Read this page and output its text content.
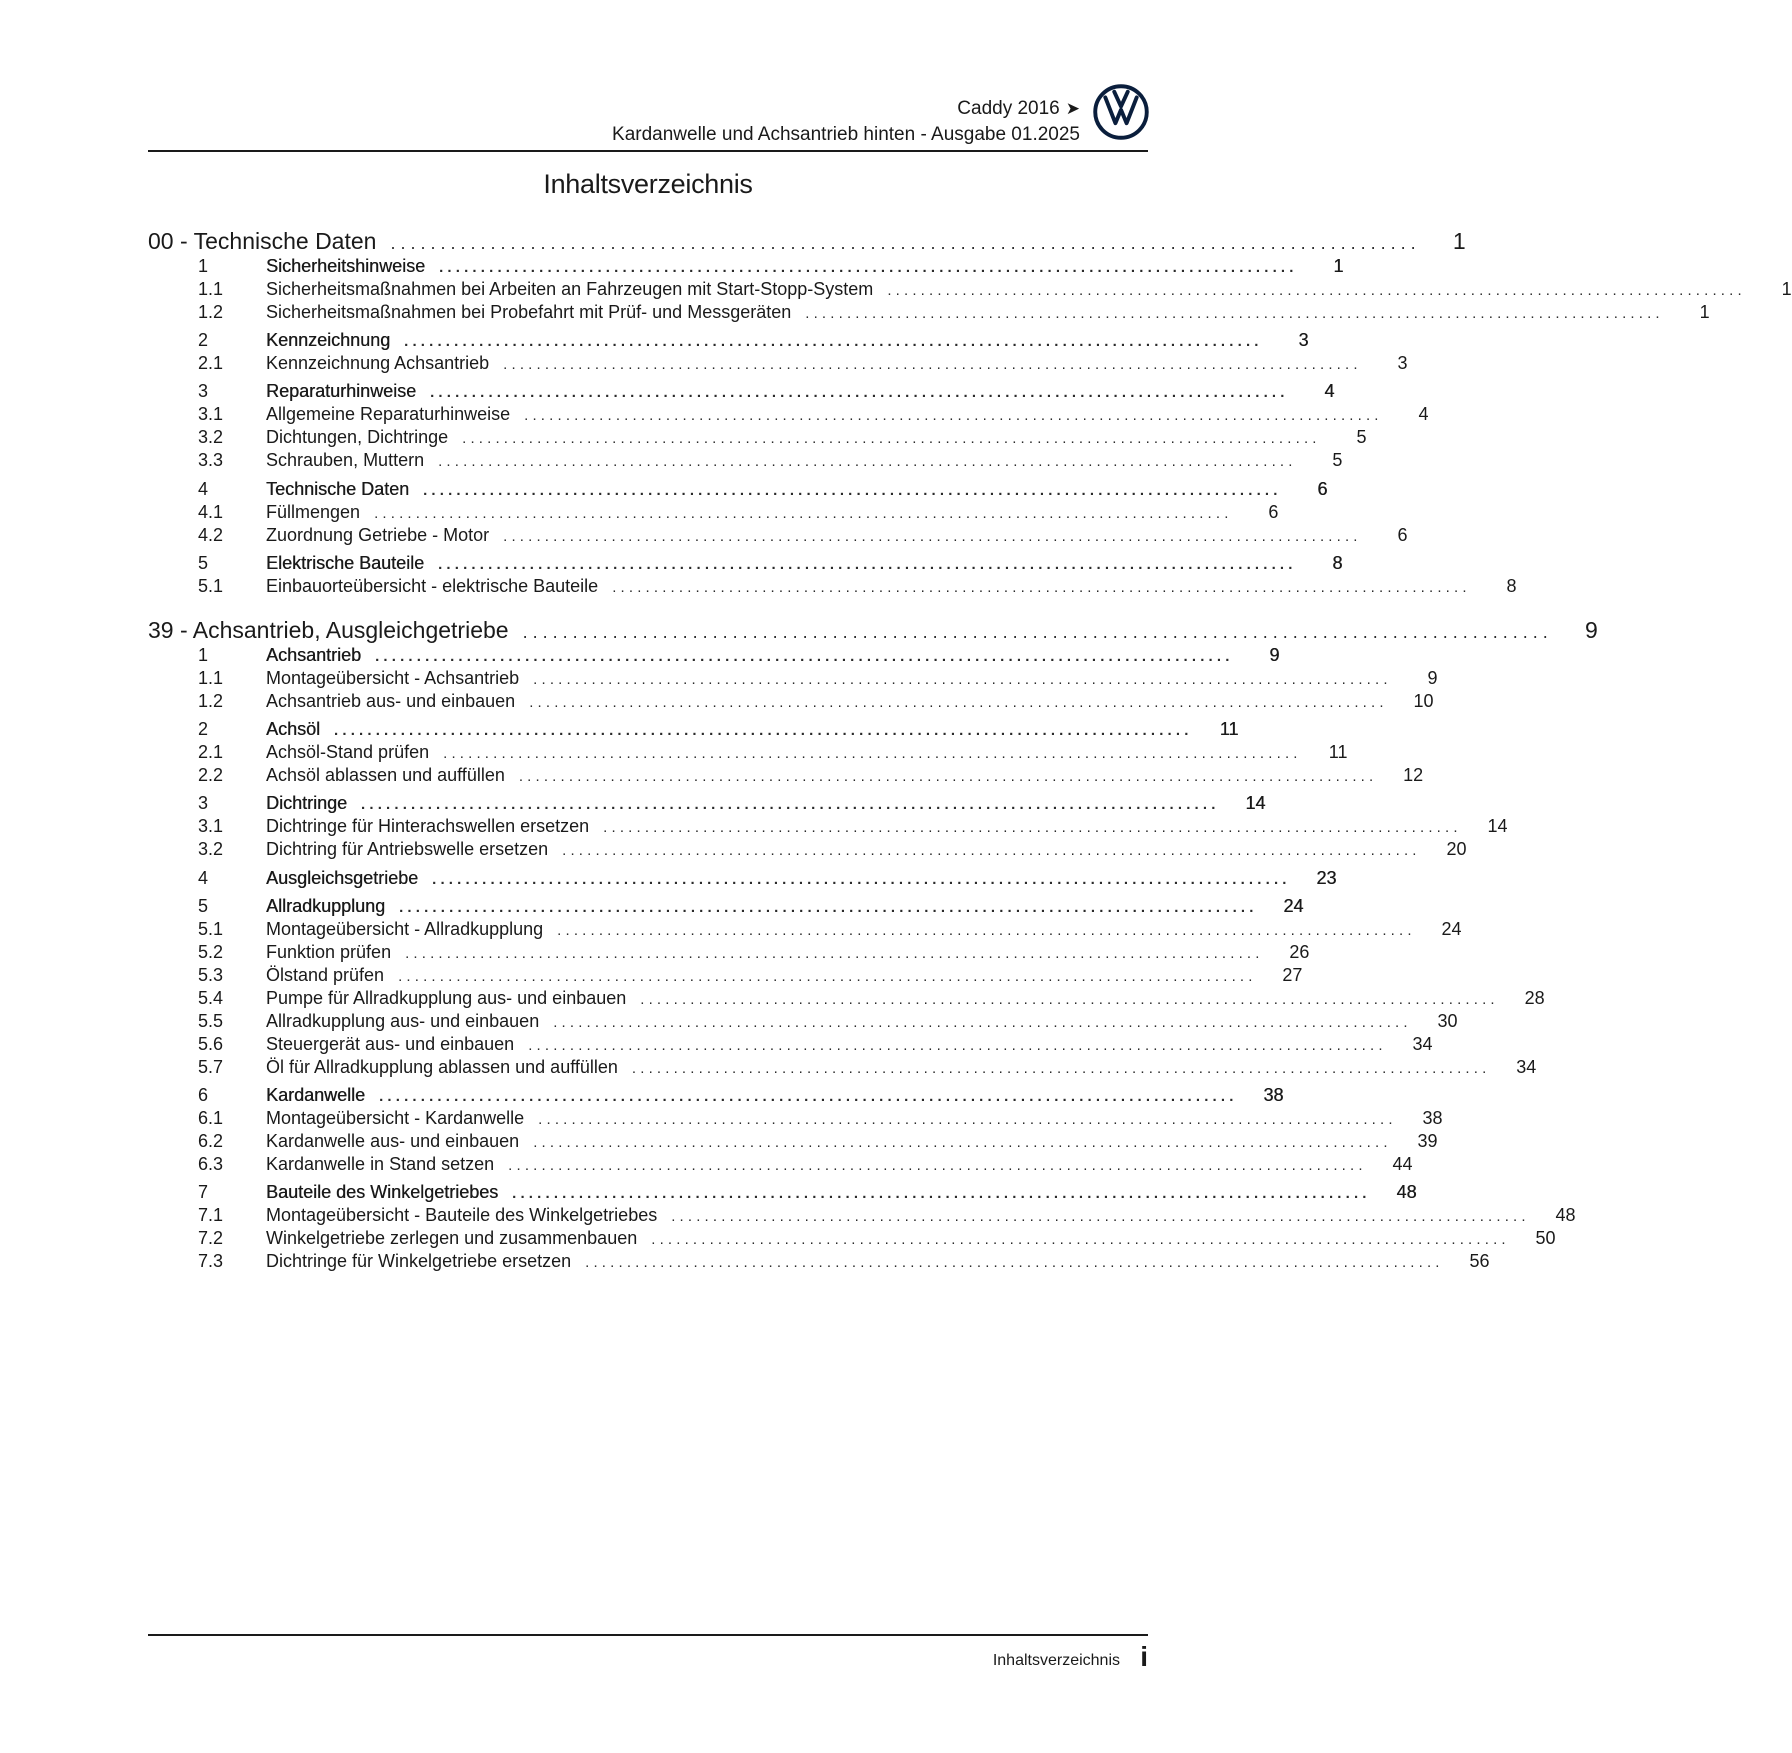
Caddy 2016 ➤
Kardanwelle und Achsantrieb hinten - Ausgabe 01.2025
Inhaltsverzeichnis
00 - Technische Daten . . .	1
1	Sicherheitshinweise . . .	1
1.1	Sicherheitsmaßnahmen bei Arbeiten an Fahrzeugen mit Start-Stopp-System . . .	1
1.2	Sicherheitsmaßnahmen bei Probefahrt mit Prüf- und Messgeräten . . .	1
2	Kennzeichnung . . .	3
2.1	Kennzeichnung Achsantrieb . . .	3
3	Reparaturhinweise . . .	4
3.1	Allgemeine Reparaturhinweise . . .	4
3.2	Dichtungen, Dichtringe . . .	5
3.3	Schrauben, Muttern . . .	5
4	Technische Daten . . .	6
4.1	Füllmengen . . .	6
4.2	Zuordnung Getriebe - Motor . . .	6
5	Elektrische Bauteile . . .	8
5.1	Einbauorteübersicht - elektrische Bauteile . . .	8
39 - Achsantrieb, Ausgleichgetriebe . . .	9
1	Achsantrieb . . .	9
1.1	Montageübersicht - Achsantrieb . . .	9
1.2	Achsantrieb aus- und einbauen . . .	10
2	Achsöl . . .	11
2.1	Achsöl-Stand prüfen . . .	11
2.2	Achsöl ablassen und auffüllen . . .	12
3	Dichtringe . . .	14
3.1	Dichtringe für Hinterachswellen ersetzen . . .	14
3.2	Dichtring für Antriebswelle ersetzen . . .	20
4	Ausgleichsgetriebe . . .	23
5	Allradkupplung . . .	24
5.1	Montageübersicht - Allradkupplung . . .	24
5.2	Funktion prüfen . . .	26
5.3	Ölstand prüfen . . .	27
5.4	Pumpe für Allradkupplung aus- und einbauen . . .	28
5.5	Allradkupplung aus- und einbauen . . .	30
5.6	Steuergerät aus- und einbauen . . .	34
5.7	Öl für Allradkupplung ablassen und auffüllen . . .	34
6	Kardanwelle . . .	38
6.1	Montageübersicht - Kardanwelle . . .	38
6.2	Kardanwelle aus- und einbauen . . .	39
6.3	Kardanwelle in Stand setzen . . .	44
7	Bauteile des Winkelgetriebes . . .	48
7.1	Montageübersicht - Bauteile des Winkelgetriebes . . .	48
7.2	Winkelgetriebe zerlegen und zusammenbauen . . .	50
7.3	Dichtringe für Winkelgetriebe ersetzen . . .	56
Inhaltsverzeichnis i
